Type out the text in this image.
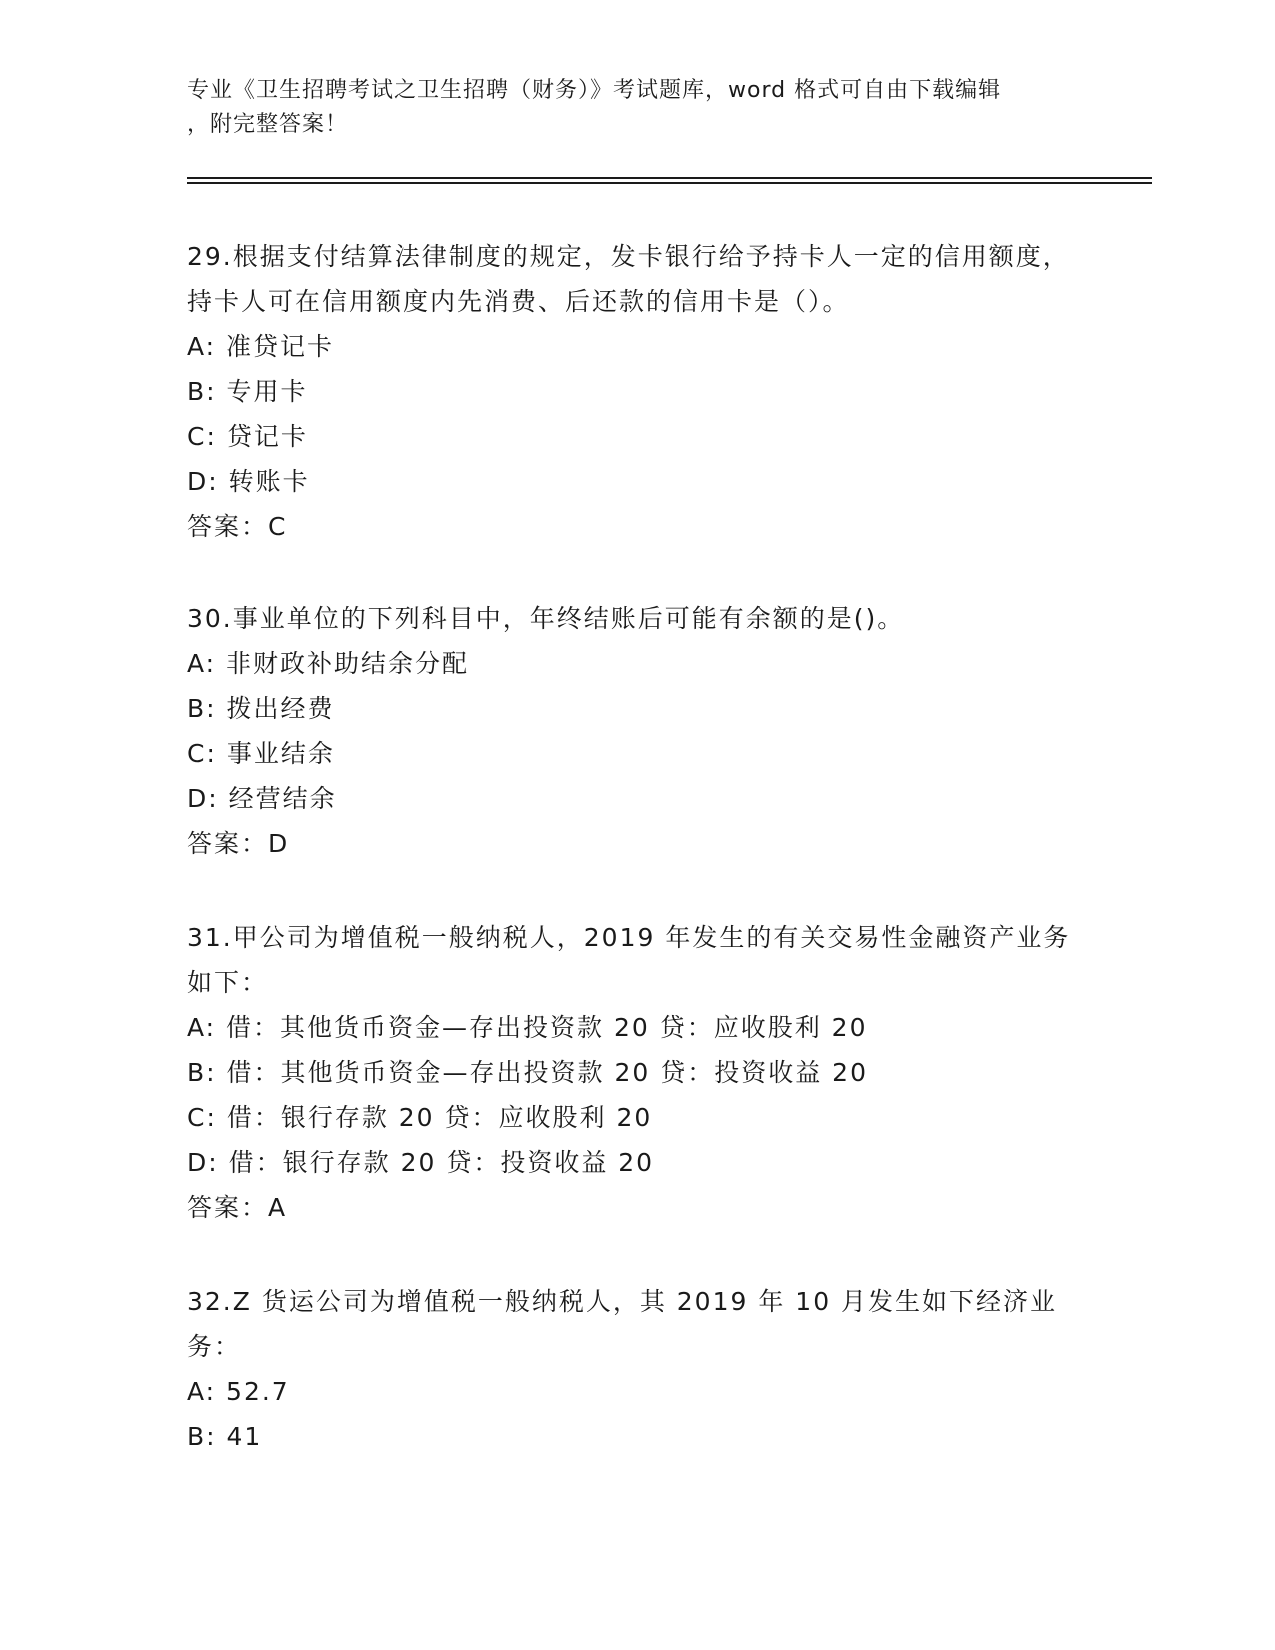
专业《卫生招聘考试之卫生招聘（财务）》考试题库，word 格式可自由下载编辑
，附完整答案！
29.根据支付结算法律制度的规定，发卡银行给予持卡人一定的信用额度，持卡人可在信用额度内先消费、后还款的信用卡是（）。
A: 准贷记卡
B: 专用卡
C: 贷记卡
D: 转账卡
答案：C
30.事业单位的下列科目中，年终结账后可能有余额的是()。
A: 非财政补助结余分配
B: 拨出经费
C: 事业结余
D: 经营结余
答案：D
31.甲公司为增值税一般纳税人，2019 年发生的有关交易性金融资产业务如下：
A: 借：其他货币资金—存出投资款 20 贷：应收股利 20
B: 借：其他货币资金—存出投资款 20 贷：投资收益 20
C: 借：银行存款 20 贷：应收股利 20
D: 借：银行存款 20 贷：投资收益 20
答案：A
32.Z 货运公司为增值税一般纳税人，其 2019 年 10 月发生如下经济业务：
A: 52.7
B: 41
